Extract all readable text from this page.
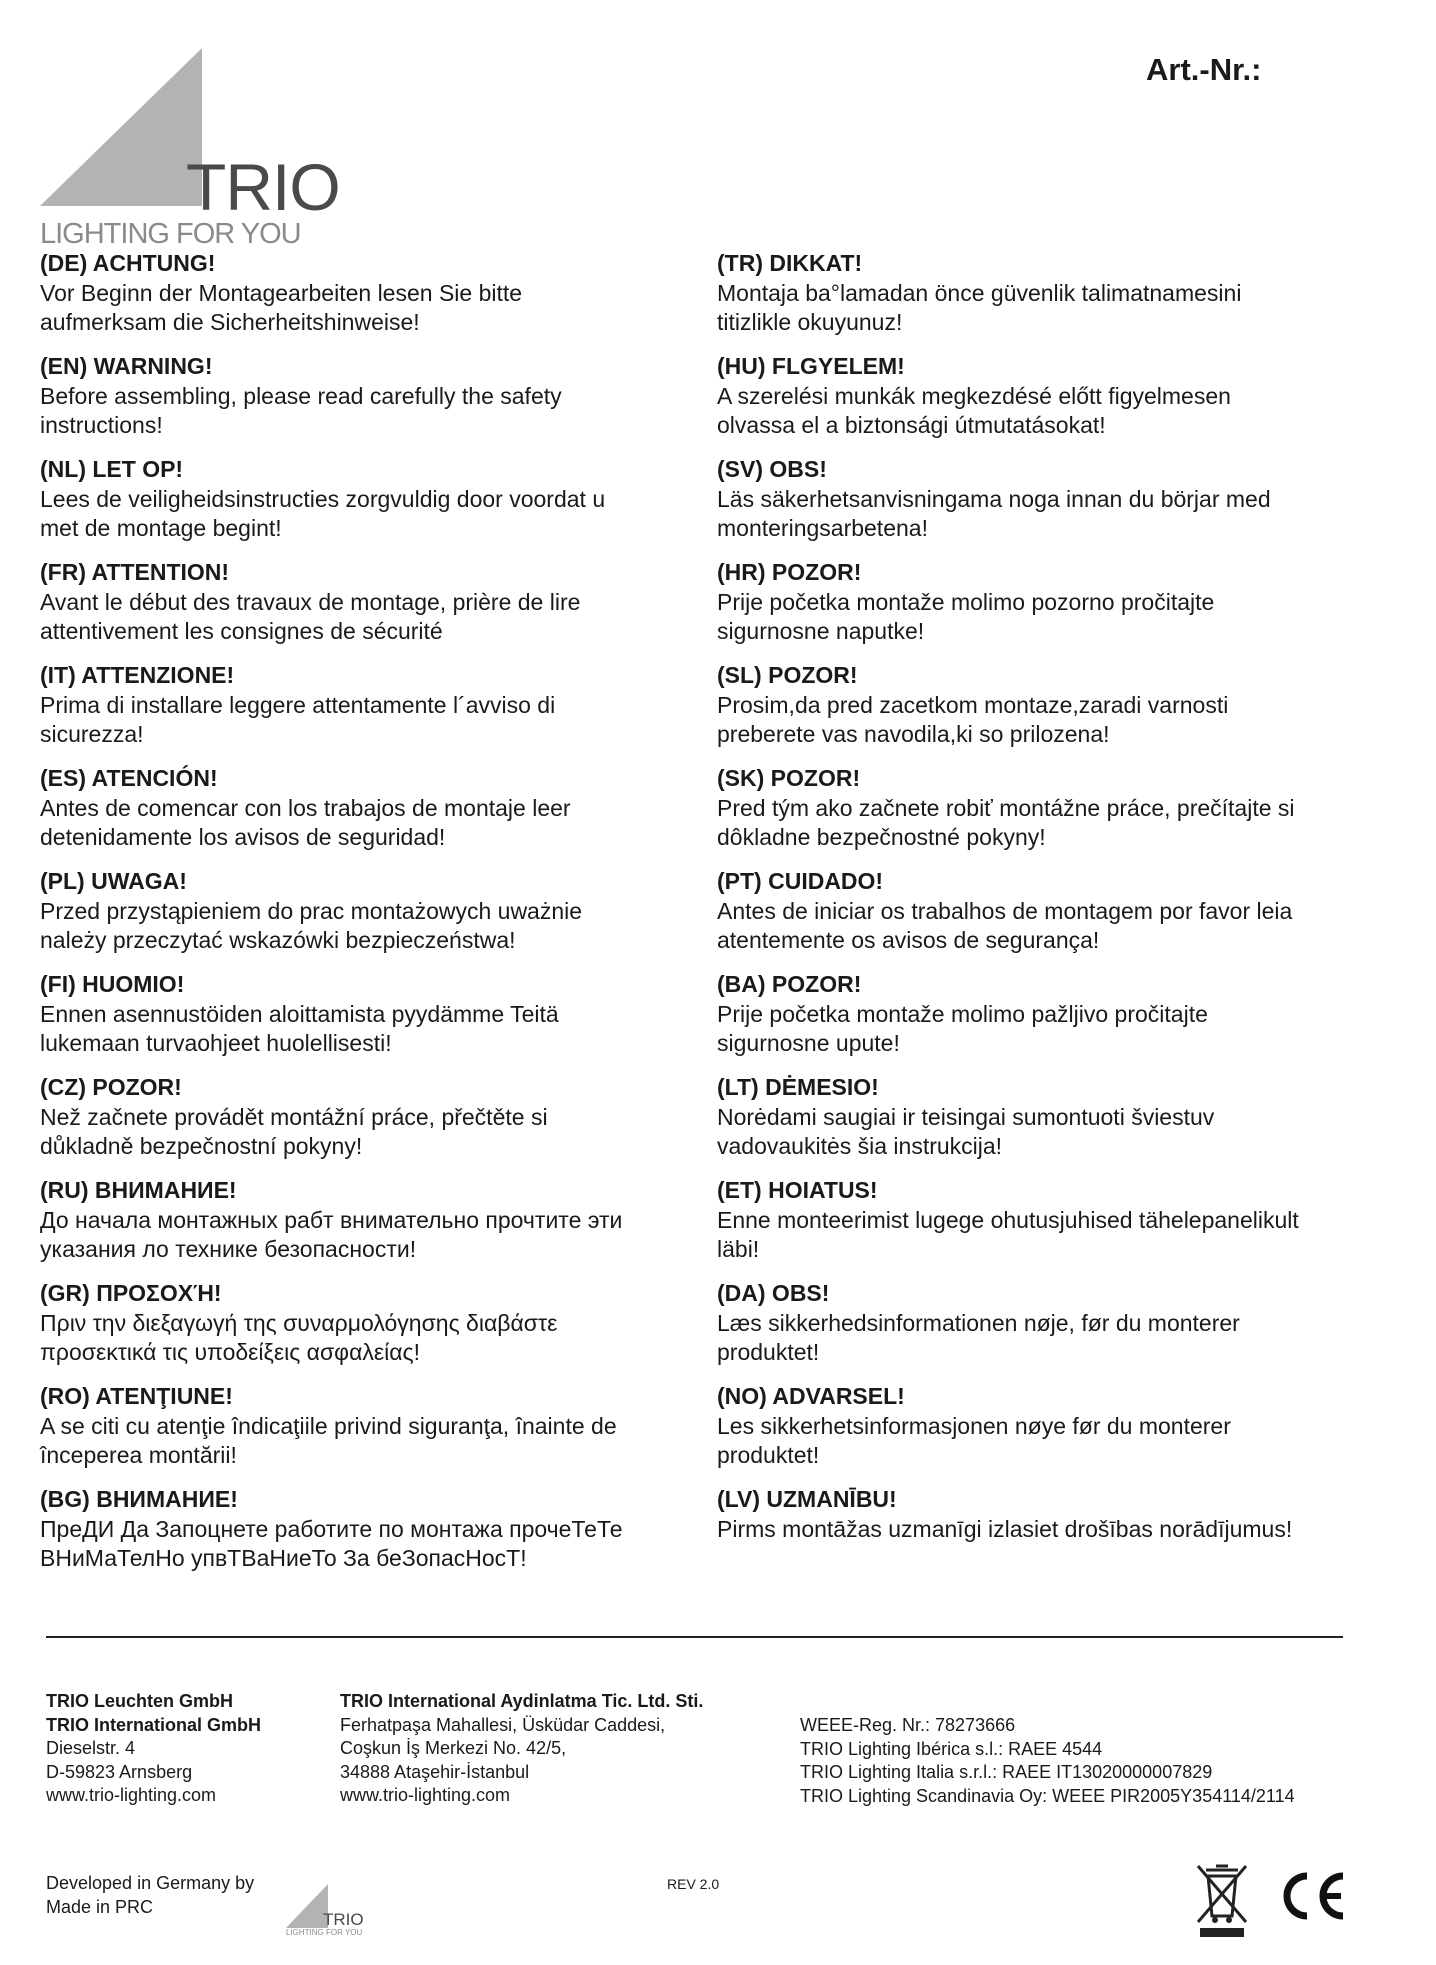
TRIO
LIGHTING FOR YOU
Art.-Nr.:
(DE) ACHTUNG!
Vor Beginn der Montagearbeiten lesen Sie bitte
aufmerksam die Sicherheitshinweise!
(EN) WARNING!
Before assembling, please read carefully the safety
instructions!
(NL) LET OP!
Lees de veiligheidsinstructies zorgvuldig door voordat u
met de montage begint!
(FR) ATTENTION!
Avant le début des travaux de montage, prière de lire
attentivement les consignes de sécurité
(IT) ATTENZIONE!
Prima di installare leggere attentamente l´avviso di
sicurezza!
(ES) ATENCIÓN!
Antes de comencar con los trabajos de montaje leer
detenidamente los avisos de seguridad!
(PL) UWAGA!
Przed przystąpieniem do prac montażowych uważnie
należy przeczytać wskazówki bezpieczeństwa!
(FI) HUOMIO!
Ennen asennustöiden aloittamista pyydämme Teitä
lukemaan turvaohjeet huolellisesti!
(CZ) POZOR!
Než začnete provádět montážní práce, přečtěte si
důkladně bezpečnostní pokyny!
(RU) ВНИМАНИЕ!
До начала монтажных рабт внимательно прочтите эти
указания ло технике безопасности!
(GR) ΠΡΟΣΟΧΉ!
Πριν την διεξαγωγή της συναρμολόγησης διαβάστε
προσεκτικά τις υποδείξεις ασφαλείας!
(RO) ATENŢIUNE!
A se citi cu atenţie îndicaţiile privind siguranţa, înainte de
începerea montării!
(BG) ВНИМАНИЕ!
ПреДИ Да Запоцнете работите по монтажа прочеТеТе
ВНиМаТелНо упвТВаНиеТо За беЗопасНосТ!
(TR) DIKKAT!
Montaja ba°lamadan önce güvenlik talimatnamesini
titizlikle okuyunuz!
(HU) FLGYELEM!
A szerelési munkák megkezdésé előtt figyelmesen
olvassa el a biztonsági útmutatásokat!
(SV) OBS!
Läs säkerhetsanvisningama noga innan du börjar med
monteringsarbetena!
(HR) POZOR!
Prije početka montaže molimo pozorno pročitajte
sigurnosne naputke!
(SL) POZOR!
Prosim,da pred zacetkom montaze,zaradi varnosti
preberete vas navodila,ki so prilozena!
(SK) POZOR!
Pred tým ako začnete robiť montážne práce, prečítajte si
dôkladne bezpečnostné pokyny!
(PT) CUIDADO!
Antes de iniciar os trabalhos de montagem por favor leia
atentemente os avisos de segurança!
(BA) POZOR!
Prije početka montaže molimo pažljivo pročitajte
sigurnosne upute!
(LT) DĖMESIO!
Norėdami saugiai ir teisingai sumontuoti šviestuv
vadovaukitės šia instrukcija!
(ET) HOIATUS!
Enne monteerimist lugege ohutusjuhised tähelepanelikult
läbi!
(DA) OBS!
Læs sikkerhedsinformationen nøje, før du monterer
produktet!
(NO) ADVARSEL!
Les sikkerhetsinformasjonen nøye før du monterer
produktet!
(LV) UZMANĪBU!
Pirms montāžas uzmanīgi izlasiet drošības norādījumus!
TRIO Leuchten GmbH
TRIO International GmbH
Dieselstr. 4
D-59823 Arnsberg
www.trio-lighting.com
TRIO International Aydinlatma Tic. Ltd. Sti.
Ferhatpaşa Mahallesi, Üsküdar Caddesi,
Coşkun İş Merkezi No. 42/5,
34888 Ataşehir-İstanbul
www.trio-lighting.com
WEEE-Reg. Nr.: 78273666
TRIO Lighting Ibérica s.l.: RAEE 4544
TRIO Lighting Italia s.r.l.: RAEE IT13020000007829
TRIO Lighting Scandinavia Oy: WEEE PIR2005Y354114/2114
Developed in Germany by
Made in PRC
TRIO
LIGHTING FOR YOU
REV 2.0
